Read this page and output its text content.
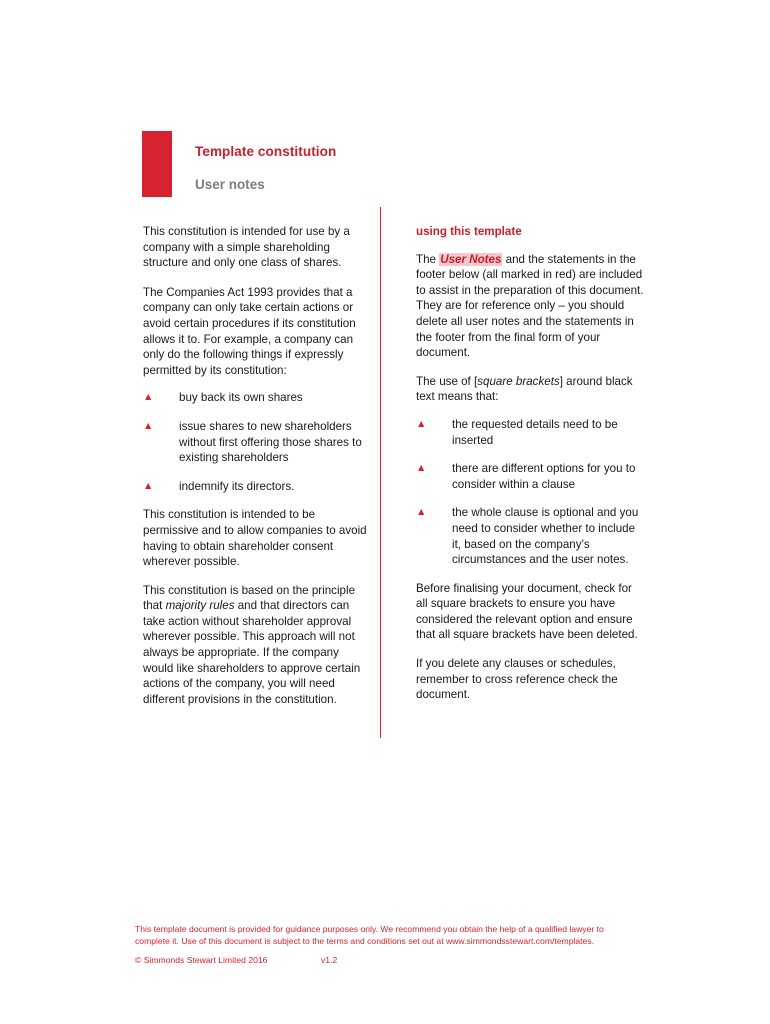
Template constitution
User notes

This constitution is intended for use by a company with a simple shareholding structure and only one class of shares.

The Companies Act 1993 provides that a company can only take certain actions or avoid certain procedures if its constitution allows it to. For example, a company can only do the following things if expressly permitted by its constitution:

▲ buy back its own shares
▲ issue shares to new shareholders without first offering those shares to existing shareholders
▲ indemnify its directors.

This constitution is intended to be permissive and to allow companies to avoid having to obtain shareholder consent wherever possible.

This constitution is based on the principle that majority rules and that directors can take action without shareholder approval wherever possible. This approach will not always be appropriate. If the company would like shareholders to approve certain actions of the company, you will need different provisions in the constitution.

using this template

The User Notes and the statements in the footer below (all marked in red) are included to assist in the preparation of this document. They are for reference only – you should delete all user notes and the statements in the footer from the final form of your document.

The use of [square brackets] around black text means that:

▲ the requested details need to be inserted
▲ there are different options for you to consider within a clause
▲ the whole clause is optional and you need to consider whether to include it, based on the company’s circumstances and the user notes.

Before finalising your document, check for all square brackets to ensure you have considered the relevant option and ensure that all square brackets have been deleted.

If you delete any clauses or schedules, remember to cross reference check the document.

This template document is provided for guidance purposes only. We recommend you obtain the help of a qualified lawyer to complete it. Use of this document is subject to the terms and conditions set out at www.simmondsstewart.com/templates.
© Simmonds Stewart Limited 2016	v1.2
